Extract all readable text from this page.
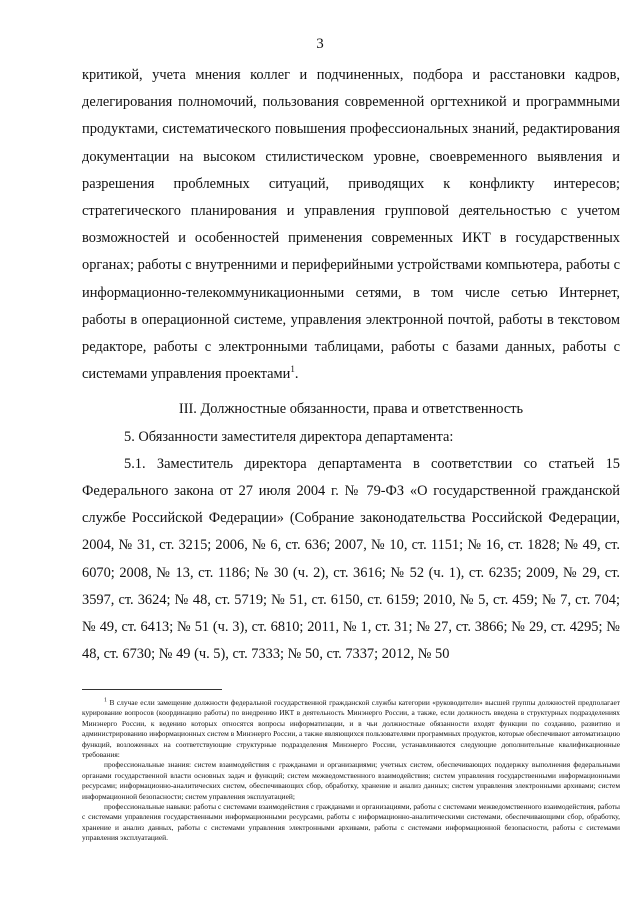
3

критикой, учета мнения коллег и подчиненных, подбора и расстановки кадров, делегирования полномочий, пользования современной оргтехникой и программными продуктами, систематического повышения профессиональных знаний, редактирования документации на высоком стилистическом уровне, своевременного выявления и разрешения проблемных ситуаций, приводящих к конфликту интересов; стратегического планирования и управления групповой деятельностью с учетом возможностей и особенностей применения современных ИКТ в государственных органах; работы с внутренними и периферийными устройствами компьютера, работы с информационно-телекоммуникационными сетями, в том числе сетью Интернет, работы в операционной системе, управления электронной почтой, работы в текстовом редакторе, работы с электронными таблицами, работы с базами данных, работы с системами управления проектами$^1$.

III. Должностные обязанности, права и ответственность

5. Обязанности заместителя директора департамента:

5.1. Заместитель директора департамента в соответствии со статьей 15 Федерального закона от 27 июля 2004 г. № 79-ФЗ «О государственной гражданской службе Российской Федерации» (Собрание законодательства Российской Федерации, 2004, № 31, ст. 3215; 2006, № 6, ст. 636; 2007, № 10, ст. 1151; № 16, ст. 1828; № 49, ст. 6070; 2008, № 13, ст. 1186; № 30 (ч. 2), ст. 3616; № 52 (ч. 1), ст. 6235; 2009, № 29, ст. 3597, ст. 3624; № 48, ст. 5719; № 51, ст. 6150, ст. 6159; 2010, № 5, ст. 459; № 7, ст. 704; № 49, ст. 6413; № 51 (ч. 3), ст. 6810; 2011, № 1, ст. 31; № 27, ст. 3866; № 29, ст. 4295; № 48, ст. 6730; № 49 (ч. 5), ст. 7333; № 50, ст. 7337; 2012, № 50

$^1$ В случае если замещение должности федеральной государственной гражданской службы категории «руководители» высшей группы должностей предполагает курирование вопросов (координацию работы) по внедрению ИКТ в деятельность Минэнерго России, а также, если должность введена в структурных подразделениях Минэнерго России, к ведению которых относятся вопросы информатизации, и в чьи должностные обязанности входят функции по созданию, развитию и администрированию информационных систем в Минэнерго России, а также являющихся пользователями программных продуктов, которые обеспечивают автоматизацию функций, возложенных на соответствующие структурные подразделения Минэнерго России, устанавливаются следующие дополнительные квалификационные требования:

профессиональные знания: систем взаимодействия с гражданами и организациями; учетных систем, обеспечивающих поддержку выполнения федеральными органами государственной власти основных задач и функций; систем межведомственного взаимодействия; систем управления государственными информационными ресурсами; информационно-аналитических систем, обеспечивающих сбор, обработку, хранение и анализ данных; систем управления электронными архивами; систем информационной безопасности; систем управления эксплуатацией;

профессиональные навыки: работы с системами взаимодействия с гражданами и организациями, работы с системами межведомственного взаимодействия, работы с системами управления государственными информационными ресурсами, работы с информационно-аналитическими системами, обеспечивающими сбор, обработку, хранение и анализ данных, работы с системами управления электронными архивами, работы с системами информационной безопасности, работы с системами управления эксплуатацией.
